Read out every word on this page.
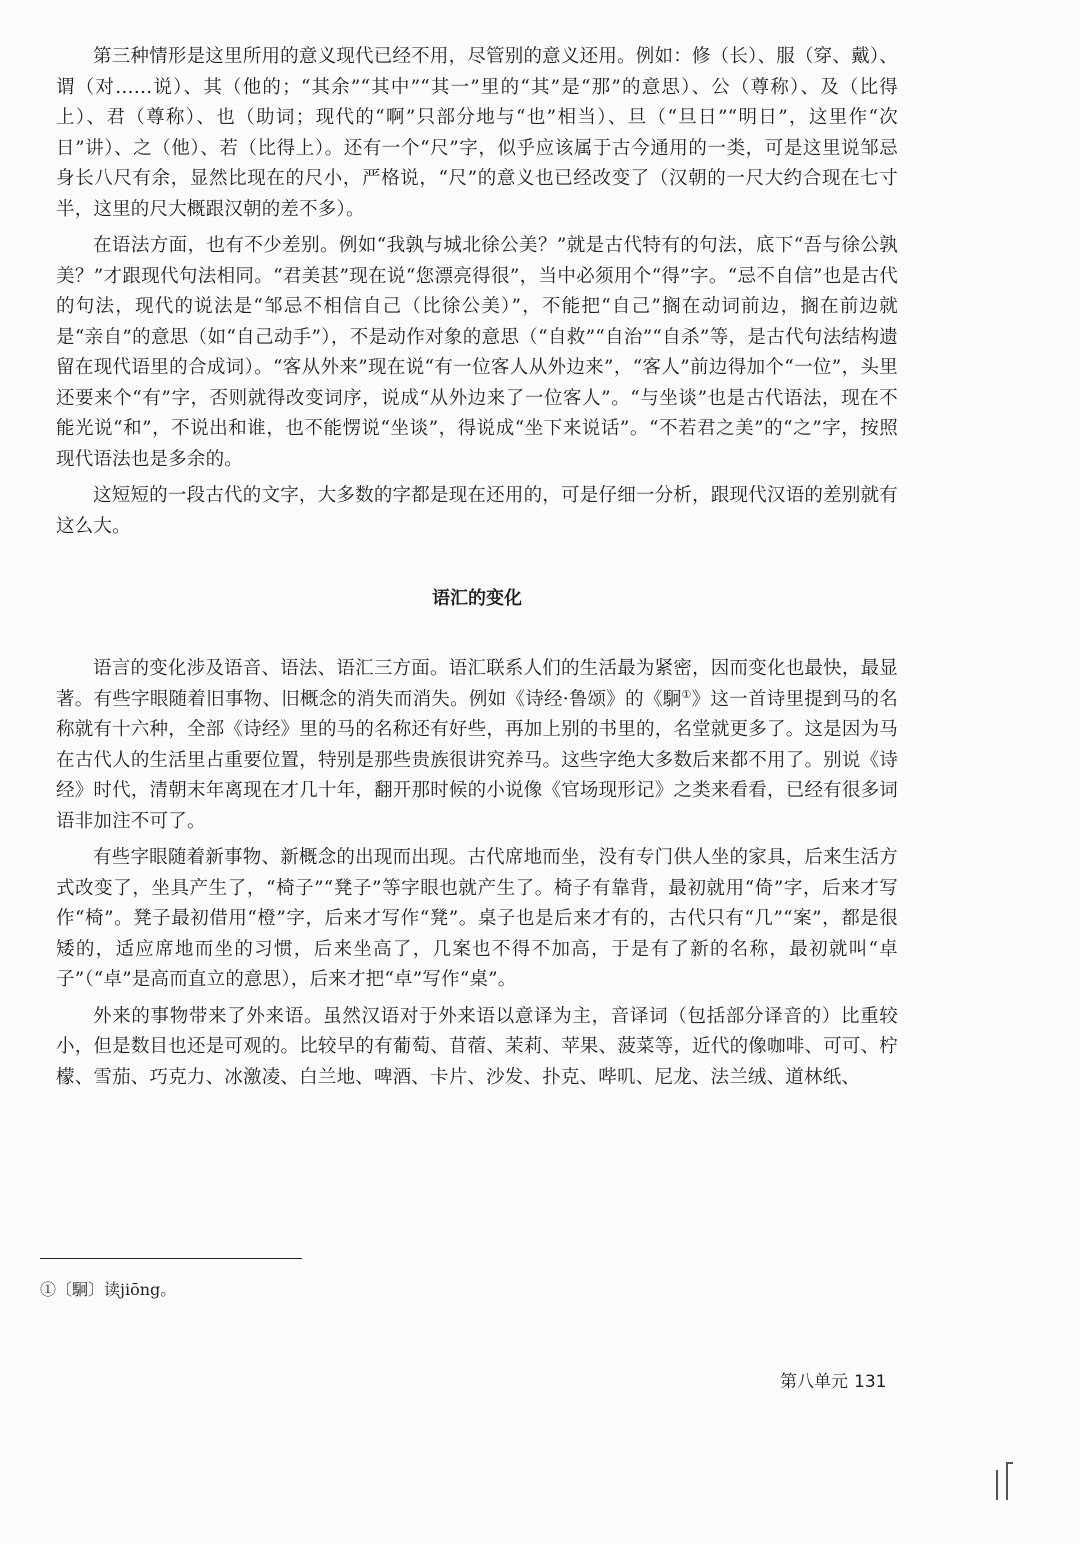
第三种情形是这里所用的意义现代已经不用，尽管别的意义还用。例如：修（长）、服（穿、戴）、谓（对……说）、其（他的；“其余”“其中”“其一”里的“其”是“那”的意思）、公（尊称）、及（比得上）、君（尊称）、也（助词；现代的“啊”只部分地与“也”相当）、旦（“旦日”“明日”，这里作“次日”讲）、之（他）、若（比得上）。还有一个“尺”字，似乎应该属于古今通用的一类，可是这里说邹忌身长八尺有余，显然比现在的尺小，严格说，“尺”的意义也已经改变了（汉朝的一尺大约合现在七寸半，这里的尺大概跟汉朝的差不多）。

在语法方面，也有不少差别。例如“我孰与城北徐公美？”就是古代特有的句法，底下“吾与徐公孰美？”才跟现代句法相同。“君美甚”现在说“您漂亮得很”，当中必须用个“得”字。“忌不自信”也是古代的句法，现代的说法是“邹忌不相信自己（比徐公美）”，不能把“自己”搁在动词前边，搁在前边就是“亲自”的意思（如“自己动手”），不是动作对象的意思（“自救”“自治”“自杀”等，是古代句法结构遗留在现代语里的合成词）。“客从外来”现在说“有一位客人从外边来”，“客人”前边得加个“一位”，头里还要来个“有”字，否则就得改变词序，说成“从外边来了一位客人”。“与坐谈”也是古代语法，现在不能光说“和”，不说出和谁，也不能愣说“坐谈”，得说成“坐下来说话”。“不若君之美”的“之”字，按照现代语法也是多余的。

这短短的一段古代的文字，大多数的字都是现在还用的，可是仔细一分析，跟现代汉语的差别就有这么大。

语汇的变化

语言的变化涉及语音、语法、语汇三方面。语汇联系人们的生活最为紧密，因而变化也最快，最显著。有些字眼随着旧事物、旧概念的消失而消失。例如《诗经·鲁颂》的《駉①》这一首诗里提到马的名称就有十六种，全部《诗经》里的马的名称还有好些，再加上别的书里的，名堂就更多了。这是因为马在古代人的生活里占重要位置，特别是那些贵族很讲究养马。这些字绝大多数后来都不用了。别说《诗经》时代，清朝末年离现在才几十年，翻开那时候的小说像《官场现形记》之类来看看，已经有很多词语非加注不可了。

有些字眼随着新事物、新概念的出现而出现。古代席地而坐，没有专门供人坐的家具，后来生活方式改变了，坐具产生了，“椅子”“凳子”等字眼也就产生了。椅子有靠背，最初就用“倚”字，后来才写作“椅”。凳子最初借用“橙”字，后来才写作“凳”。桌子也是后来才有的，古代只有“几”“案”，都是很矮的，适应席地而坐的习惯，后来坐高了，几案也不得不加高，于是有了新的名称，最初就叫“卓子”（“卓”是高而直立的意思），后来才把“卓”写作“桌”。

外来的事物带来了外来语。虽然汉语对于外来语以意译为主，音译词（包括部分译音的）比重较小，但是数目也还是可观的。比较早的有葡萄、苜蓿、茉莉、苹果、菠菜等，近代的像咖啡、可可、柠檬、雪茄、巧克力、冰激凌、白兰地、啤酒、卡片、沙发、扑克、哔叽、尼龙、法兰绒、道林纸、

①〔駉〕读jiōng。
第八单元 131
